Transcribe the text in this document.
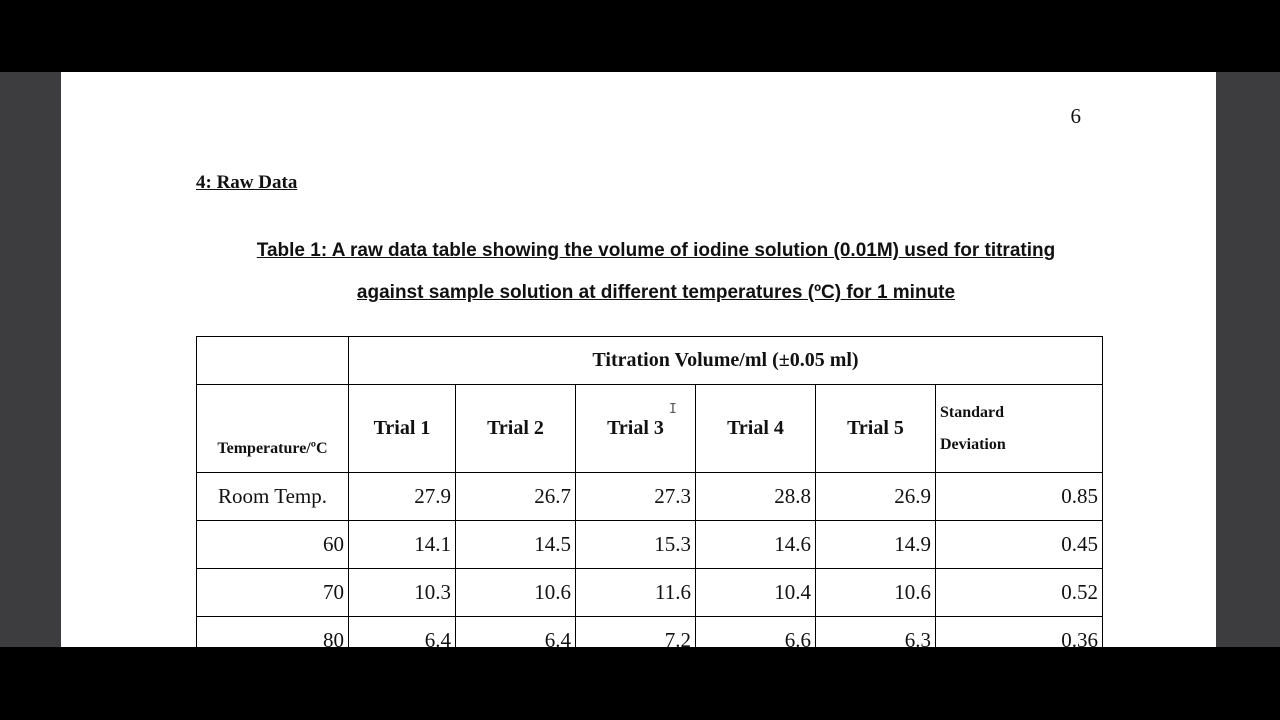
6
4: Raw Data
Table 1: A raw data table showing the volume of iodine solution (0.01M) used for titrating
against sample solution at different temperatures (ºC) for 1 minute
	Titration Volume/ml (±0.05 ml)					
Temperature/ºC	Trial 1	Trial 2	Trial 3	Trial 4	Trial 5	Standard
Deviation

Room Temp.	27.9	26.7	27.3	28.8	26.9	0.85
60	14.1	14.5	15.3	14.6	14.9	0.45
70	10.3	10.6	11.6	10.4	10.6	0.52
80	6.4	6.4	7.2	6.6	6.3	0.36
I
